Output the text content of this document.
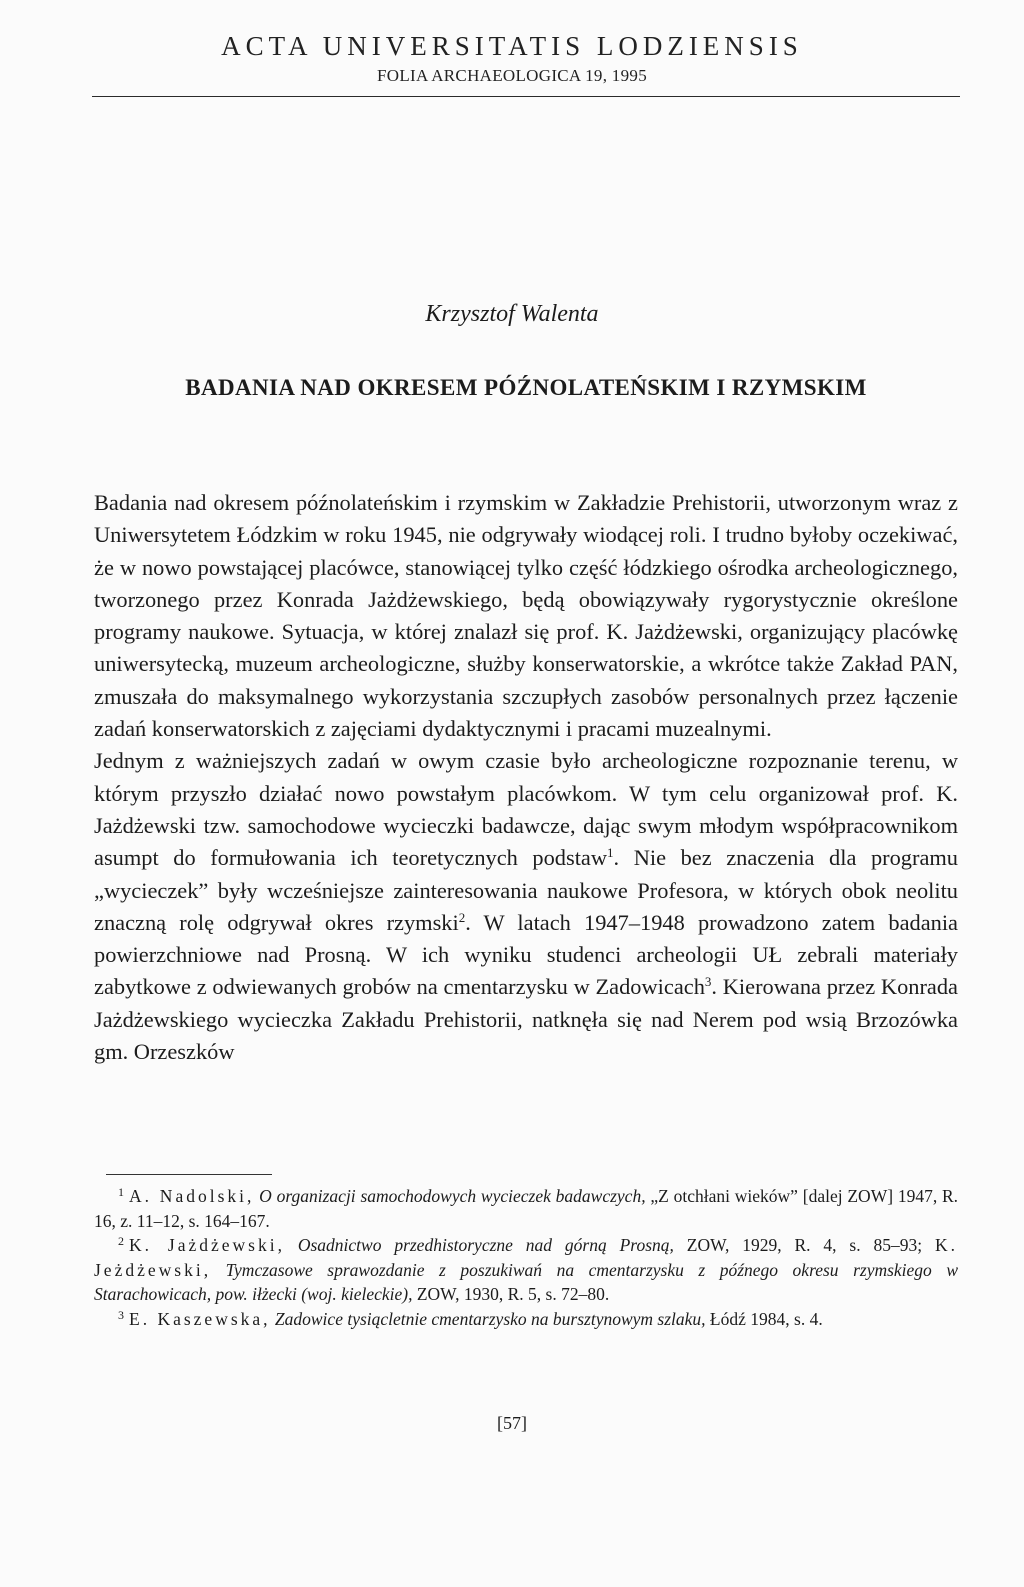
ACTA UNIVERSITATIS LODZIENSIS
FOLIA ARCHAEOLOGICA 19, 1995
Krzysztof Walenta
BADANIA NAD OKRESEM PÓŹNOLATEŃSKIM I RZYMSKIM

Badania nad okresem późnolateńskim i rzymskim w Zakładzie Prehistorii, utworzonym wraz z Uniwersytetem Łódzkim w roku 1945, nie odgrywały wiodącej roli. I trudno byłoby oczekiwać, że w nowo powstającej placówce, stanowiącej tylko część łódzkiego ośrodka archeologicznego, tworzonego przez Konrada Jażdżewskiego, będą obowiązywały rygorystycznie określone programy naukowe. Sytuacja, w której znalazł się prof. K. Jażdżewski, organizujący placówkę uniwersytecką, muzeum archeologiczne, służby konserwatorskie, a wkrótce także Zakład PAN, zmuszała do maksymalnego wykorzystania szczupłych zasobów personalnych przez łączenie zadań konserwatorskich z zajęciami dydaktycznymi i pracami muzealnymi.

Jednym z ważniejszych zadań w owym czasie było archeologiczne rozpoznanie terenu, w którym przyszło działać nowo powstałym placówkom. W tym celu organizował prof. K. Jażdżewski tzw. samochodowe wycieczki badawcze, dając swym młodym współpracownikom asumpt do formułowania ich teoretycznych podstaw$^1$. Nie bez znaczenia dla programu „wycieczek” były wcześniejsze zainteresowania naukowe Profesora, w których obok neolitu znaczną rolę odgrywał okres rzymski$^2$. W latach 1947–1948 prowadzono zatem badania powierzchniowe nad Prosną. W ich wyniku studenci archeologii UŁ zebrali materiały zabytkowe z odwiewanych grobów na cmentarzysku w Zadowicach$^3$. Kierowana przez Konrada Jażdżewskiego wycieczka Zakładu Prehistorii, natknęła się nad Nerem pod wsią Brzozówka gm. Orzeszków

$^1$ A. Nadolski, O organizacji samochodowych wycieczek badawczych, „Z otchłani wieków” [dalej ZOW] 1947, R. 16, z. 11–12, s. 164–167.

$^2$ K. Jażdżewski, Osadnictwo przedhistoryczne nad górną Prosną, ZOW, 1929, R. 4, s. 85–93; K. Jeżdżewski, Tymczasowe sprawozdanie z poszukiwań na cmentarzysku z późnego okresu rzymskiego w Starachowicach, pow. iłżecki (woj. kieleckie), ZOW, 1930, R. 5, s. 72–80.

$^3$ E. Kaszewska, Zadowice tysiącletnie cmentarzysko na bursztynowym szlaku, Łódź 1984, s. 4.

[57]
